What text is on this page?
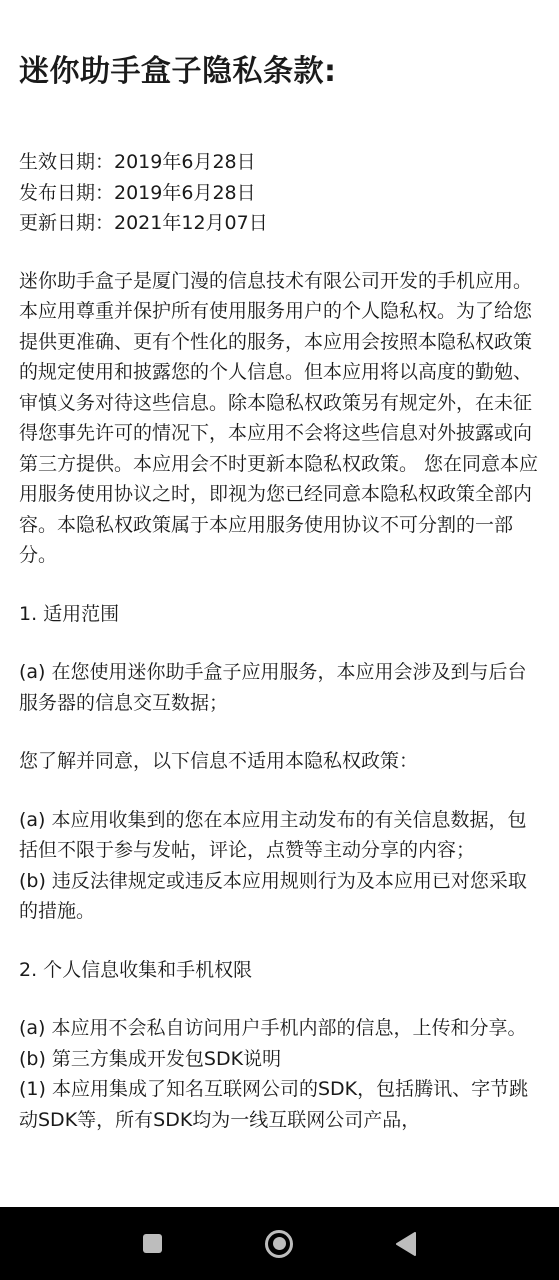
迷你助手盒子隐私条款:

生效日期：2019年6月28日

发布日期：2019年6月28日

更新日期：2021年12月07日

迷你助手盒子是厦门漫的信息技术有限公司开发的手机应用。本应用尊重并保护所有使用服务用户的个人隐私权。为了给您提供更准确、更有个性化的服务，本应用会按照本隐私权政策的规定使用和披露您的个人信息。但本应用将以高度的勤勉、审慎义务对待这些信息。除本隐私权政策另有规定外，在未征得您事先许可的情况下，本应用不会将这些信息对外披露或向第三方提供。本应用会不时更新本隐私权政策。 您在同意本应用服务使用协议之时，即视为您已经同意本隐私权政策全部内容。本隐私权政策属于本应用服务使用协议不可分割的一部分。

1. 适用范围

(a) 在您使用迷你助手盒子应用服务，本应用会涉及到与后台服务器的信息交互数据；

您了解并同意，以下信息不适用本隐私权政策：

(a) 本应用收集到的您在本应用主动发布的有关信息数据，包括但不限于参与发帖，评论，点赞等主动分享的内容；

(b) 违反法律规定或违反本应用规则行为及本应用已对您采取的措施。

2. 个人信息收集和手机权限

(a) 本应用不会私自访问用户手机内部的信息，上传和分享。

(b) 第三方集成开发包SDK说明

(1) 本应用集成了知名互联网公司的SDK，包括腾讯、字节跳动SDK等，所有SDK均为一线互联网公司产品，
